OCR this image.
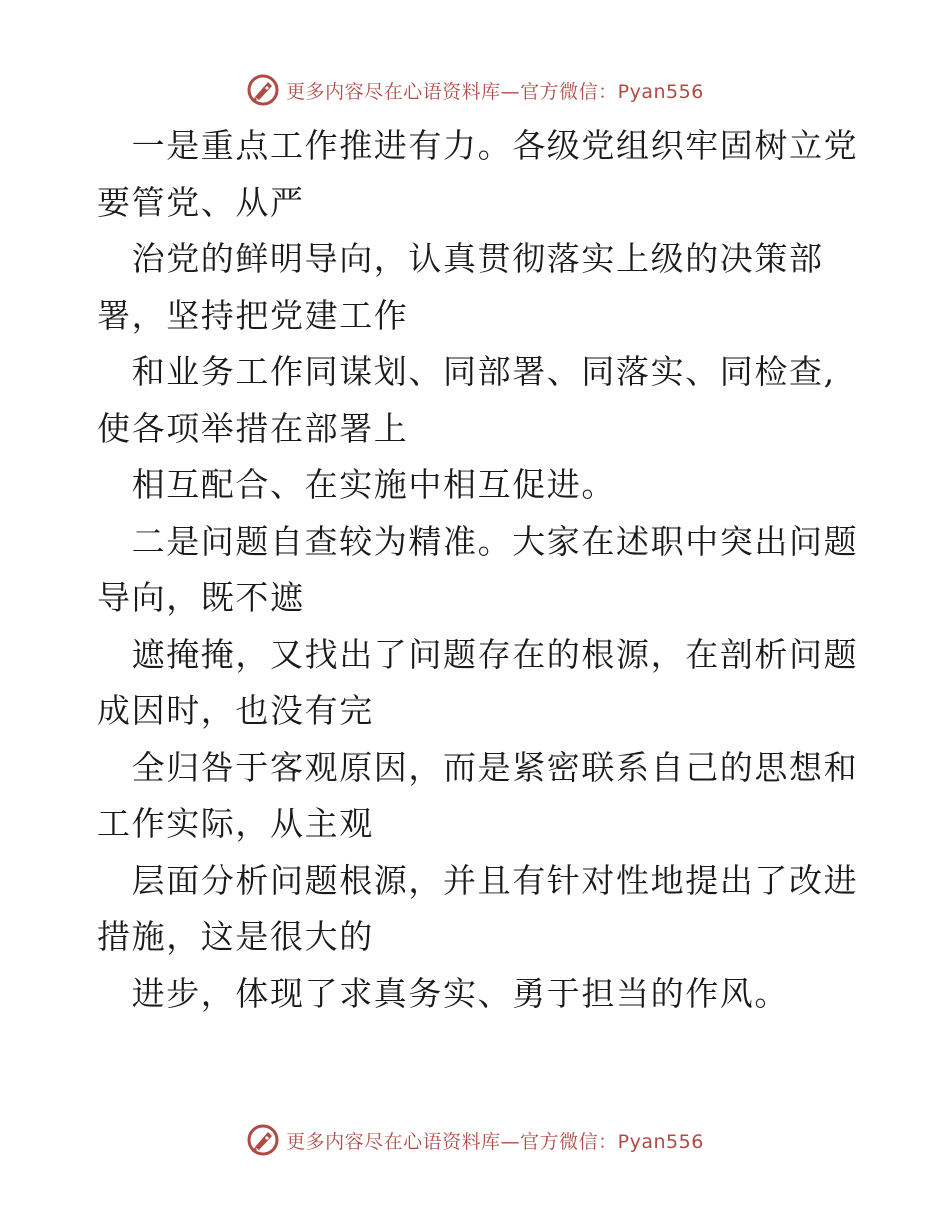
更多内容尽在心语资料库—官方微信：Pyan556

　一是重点工作推进有力。各级党组织牢固树立党

要管党、从严

　治党的鲜明导向，认真贯彻落实上级的决策部

署，坚持把党建工作

　和业务工作同谋划、同部署、同落实、同检查,

使各项举措在部署上

　相互配合、在实施中相互促进。

　二是问题自查较为精准。大家在述职中突出问题

导向，既不遮

　遮掩掩，又找出了问题存在的根源，在剖析问题

成因时，也没有完

　全归咎于客观原因，而是紧密联系自己的思想和

工作实际，从主观

　层面分析问题根源，并且有针对性地提出了改进

措施，这是很大的

　进步，体现了求真务实、勇于担当的作风。

更多内容尽在心语资料库—官方微信：Pyan556
